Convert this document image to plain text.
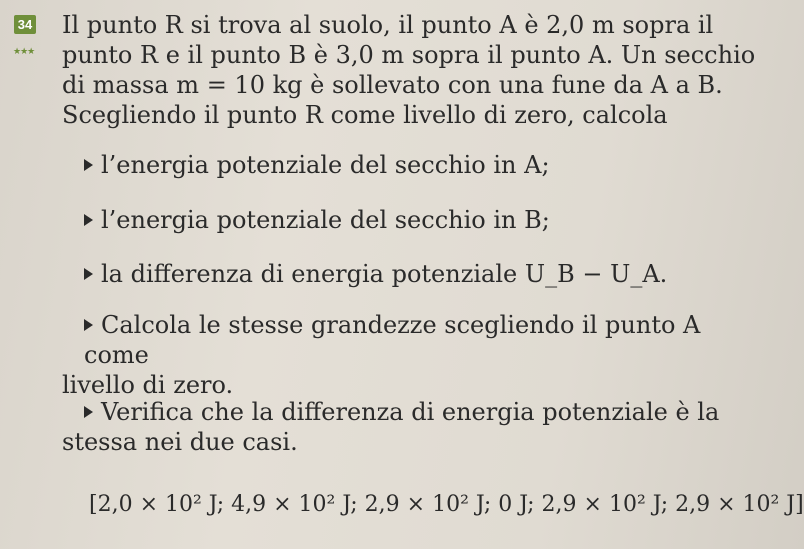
34
★★★
Il punto R si trova al suolo, il punto A è 2,0 m sopra il
punto R e il punto B è 3,0 m sopra il punto A. Un secchio
di massa m = 10 kg è sollevato con una fune da A a B.
Scegliendo il punto R come livello di zero, calcola
l’energia potenziale del secchio in A;
l’energia potenziale del secchio in B;
la differenza di energia potenziale U_B − U_A.
Calcola le stesse grandezze scegliendo il punto A come
livello di zero.
Verifica che la differenza di energia potenziale è la
stessa nei due casi.
[2,0 × 10² J; 4,9 × 10² J; 2,9 × 10² J; 0 J; 2,9 × 10² J; 2,9 × 10² J]
